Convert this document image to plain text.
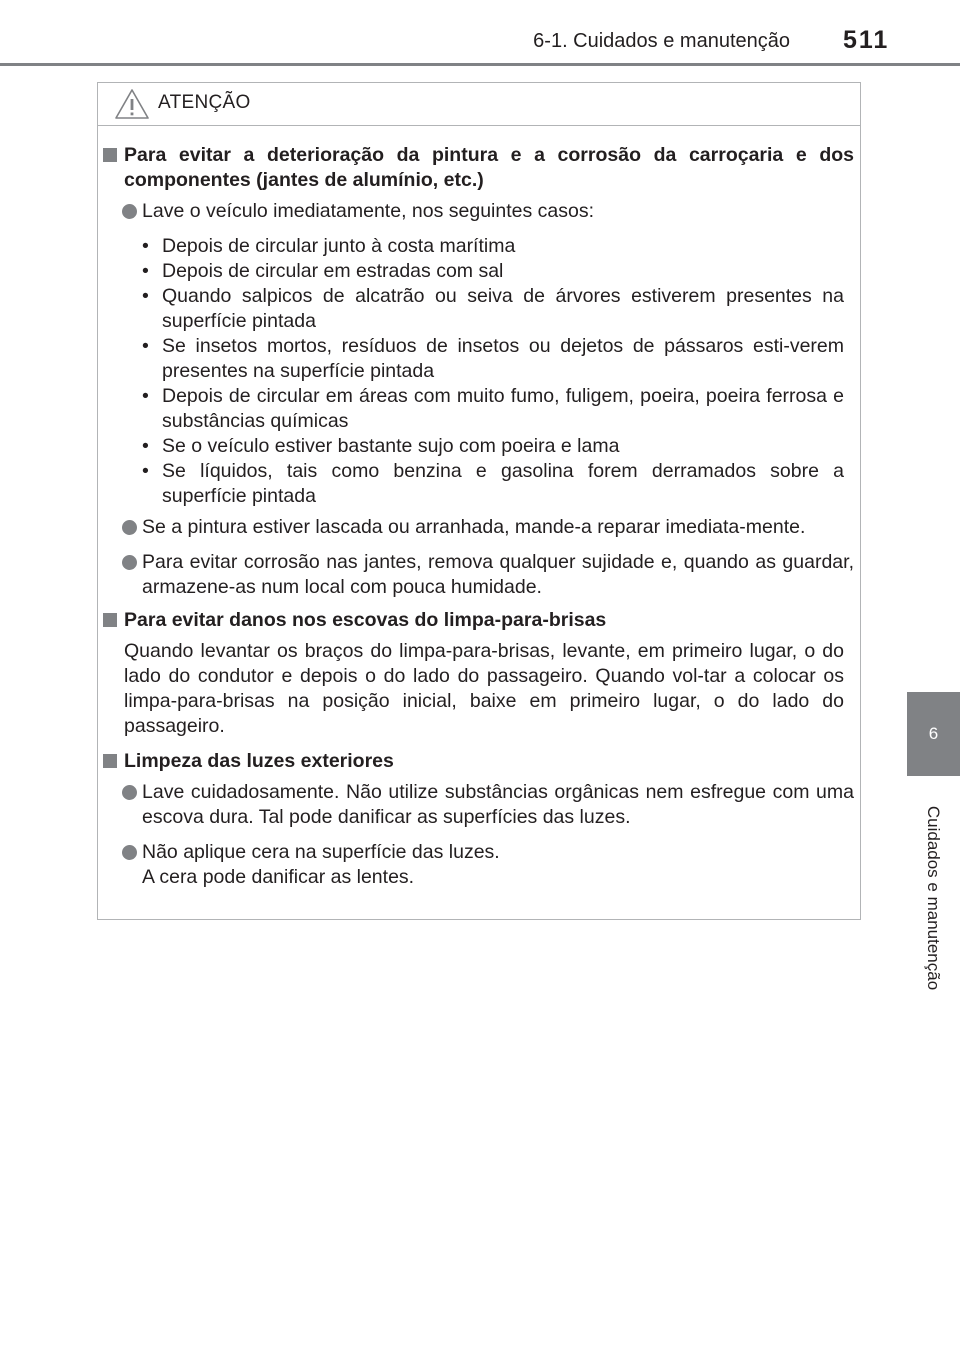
6-1. Cuidados e manutenção 511
6
Cuidados e manutenção
ATENÇÃO
Para evitar a deterioração da pintura e a corrosão da carroçaria e dos componentes (jantes de alumínio, etc.)
Lave o veículo imediatamente, nos seguintes casos:
• Depois de circular junto à costa marítima
• Depois de circular em estradas com sal
• Quando salpicos de alcatrão ou seiva de árvores estiverem presentes na superfície pintada
• Se insetos mortos, resíduos de insetos ou dejetos de pássaros esti-verem presentes na superfície pintada
• Depois de circular em áreas com muito fumo, fuligem, poeira, poeira ferrosa e substâncias químicas
• Se o veículo estiver bastante sujo com poeira e lama
• Se líquidos, tais como benzina e gasolina forem derramados sobre a superfície pintada
Se a pintura estiver lascada ou arranhada, mande-a reparar imediata-mente.
Para evitar corrosão nas jantes, remova qualquer sujidade e, quando as guardar, armazene-as num local com pouca humidade.
Para evitar danos nos escovas do limpa-para-brisas
Quando levantar os braços do limpa-para-brisas, levante, em primeiro lugar, o do lado do condutor e depois o do lado do passageiro. Quando vol-tar a colocar os limpa-para-brisas na posição inicial, baixe em primeiro lugar, o do lado do passageiro.
Limpeza das luzes exteriores
Lave cuidadosamente. Não utilize substâncias orgânicas nem esfregue com uma escova dura. Tal pode danificar as superfícies das luzes.
Não aplique cera na superfície das luzes.
A cera pode danificar as lentes.
